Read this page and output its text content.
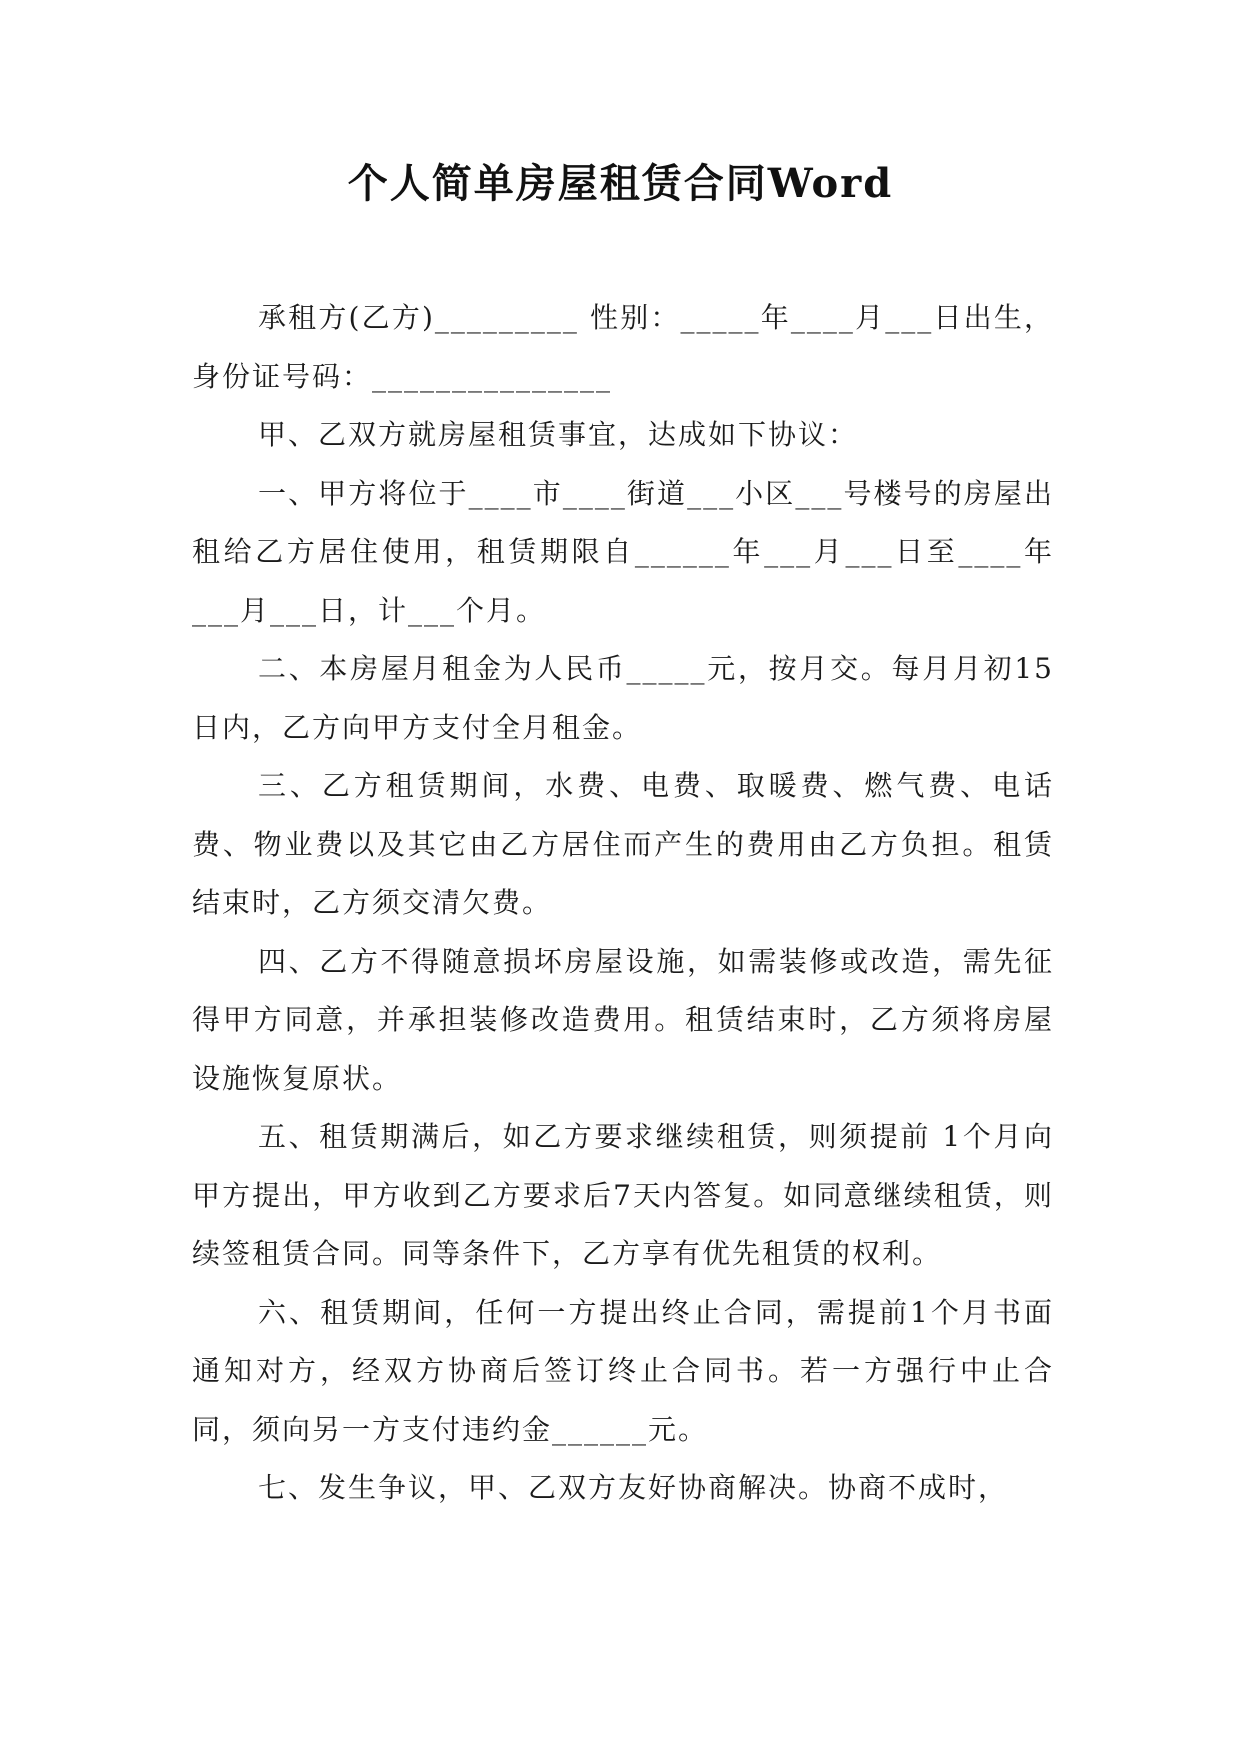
个人简单房屋租赁合同Word

承租方(乙方)_________ 性别：_____年____月___日出生，身份证号码：_______________

甲、乙双方就房屋租赁事宜，达成如下协议：

一、甲方将位于____市____街道___小区___号楼号的房屋出租给乙方居住使用，租赁期限自______年___月___日至____年___月___日，计___个月。

二、本房屋月租金为人民币_____元，按月交。每月月初15日内，乙方向甲方支付全月租金。

三、乙方租赁期间，水费、电费、取暖费、燃气费、电话费、物业费以及其它由乙方居住而产生的费用由乙方负担。租赁结束时，乙方须交清欠费。

四、乙方不得随意损坏房屋设施，如需装修或改造，需先征得甲方同意，并承担装修改造费用。租赁结束时，乙方须将房屋设施恢复原状。

五、租赁期满后，如乙方要求继续租赁，则须提前 1个月向甲方提出，甲方收到乙方要求后7天内答复。如同意继续租赁，则续签租赁合同。同等条件下，乙方享有优先租赁的权利。

六、租赁期间，任何一方提出终止合同，需提前1个月书面通知对方，经双方协商后签订终止合同书。若一方强行中止合同，须向另一方支付违约金______元。

七、发生争议，甲、乙双方友好协商解决。协商不成时，
